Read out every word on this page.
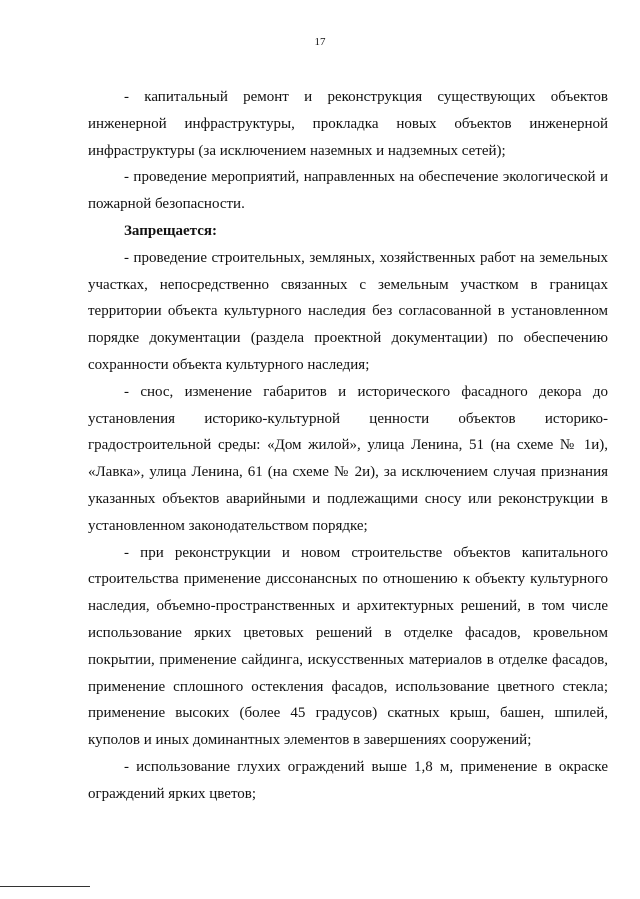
17

- капитальный ремонт и реконструкция существующих объектов инженерной инфраструктуры, прокладка новых объектов инженерной инфраструктуры (за исключением наземных и надземных сетей);

- проведение мероприятий, направленных на обеспечение экологической и пожарной безопасности.

Запрещается:

- проведение строительных, земляных, хозяйственных работ на земельных участках, непосредственно связанных с земельным участком в границах территории объекта культурного наследия без согласованной в установленном порядке документации (раздела проектной документации) по обеспечению сохранности объекта культурного наследия;

- снос, изменение габаритов и исторического фасадного декора до установления историко-культурной ценности объектов историко-градостроительной среды: «Дом жилой», улица Ленина, 51 (на схеме № 1и), «Лавка», улица Ленина, 61 (на схеме № 2и), за исключением случая признания указанных объектов аварийными и подлежащими сносу или реконструкции в установленном законодательством порядке;

- при реконструкции и новом строительстве объектов капитального строительства применение диссонансных по отношению к объекту культурного наследия, объемно-пространственных и архитектурных решений, в том числе использование ярких цветовых решений в отделке фасадов, кровельном покрытии, применение сайдинга, искусственных материалов в отделке фасадов, применение сплошного остекления фасадов, использование цветного стекла; применение высоких (более 45 градусов) скатных крыш, башен, шпилей, куполов и иных доминантных элементов в завершениях сооружений;

- использование глухих ограждений выше 1,8 м, применение в окраске ограждений ярких цветов;
